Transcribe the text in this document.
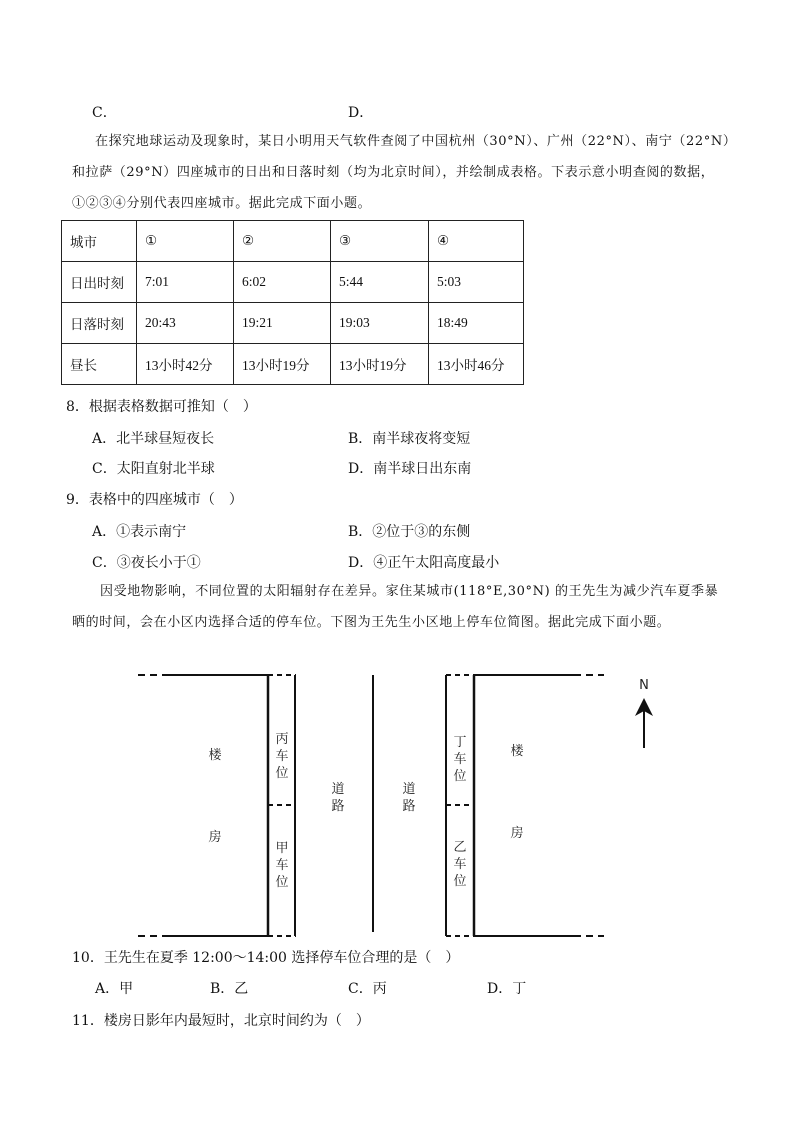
C．	D．
在探究地球运动及现象时，某日小明用天气软件查阅了中国杭州（30°N）、广州（22°N）、南宁（22°N）
和拉萨（29°N）四座城市的日出和日落时刻（均为北京时间），并绘制成表格。下表示意小明查阅的数据，
①②③④分别代表四座城市。据此完成下面小题。
城市	①	②	③	④
日出时刻	7:01	6:02	5:44	5:03
日落时刻	20:43	19:21	19:03	18:49
昼长	13小时42分	13小时19分	13小时19分	13小时46分
8．根据表格数据可推知（　）
A．北半球昼短夜长	B．南半球夜将变短
C．太阳直射北半球	D．南半球日出东南
9．表格中的四座城市（　）
A．①表示南宁	B．②位于③的东侧
C．③夜长小于①	D．④正午太阳高度最小
因受地物影响，不同位置的太阳辐射存在差异。家住某城市(118°E,30°N) 的王先生为减少汽车夏季暴
晒的时间，会在小区内选择合适的停车位。下图为王先生小区地上停车位简图。据此完成下面小题。
N
楼
房
丙
车
位
甲
车
位
道
路
道
路
丁
车
位
乙
车
位
楼
房
10．王先生在夏季 12:00～14:00 选择停车位合理的是（　）
A．甲	B．乙	C．丙	D．丁
11．楼房日影年内最短时，北京时间约为（　）
